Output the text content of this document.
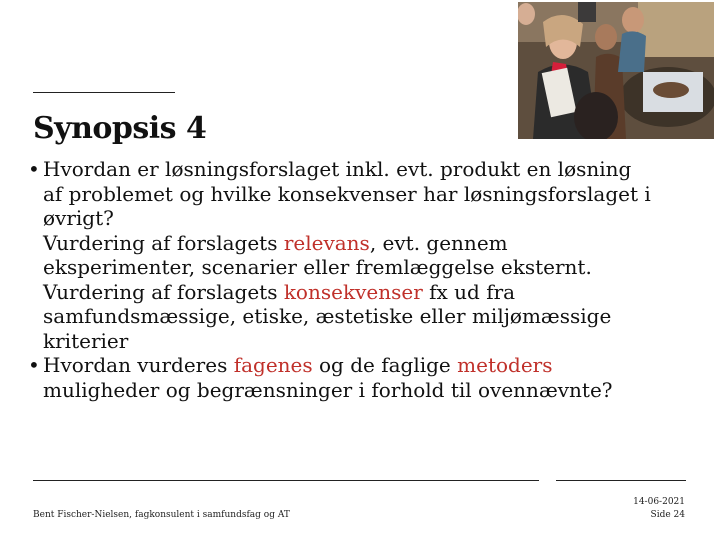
Synopsis 4
• Hvordan er løsningsforslaget inkl. evt. produkt en løsning
af problemet og hvilke konsekvenser har løsningsforslaget i
øvrigt?
Vurdering af forslagets relevans, evt. gennem
eksperimenter, scenarier eller fremlæggelse eksternt.
Vurdering af forslagets konsekvenser fx ud fra
samfundsmæssige, etiske, æstetiske eller miljømæssige
kriterier
• Hvordan vurderes fagenes og de faglige metoders
muligheder og begrænsninger i forhold til ovennævnte?
Bent Fischer-Nielsen, fagkonsulent i samfundsfag og AT
14-06-2021
Side 24
